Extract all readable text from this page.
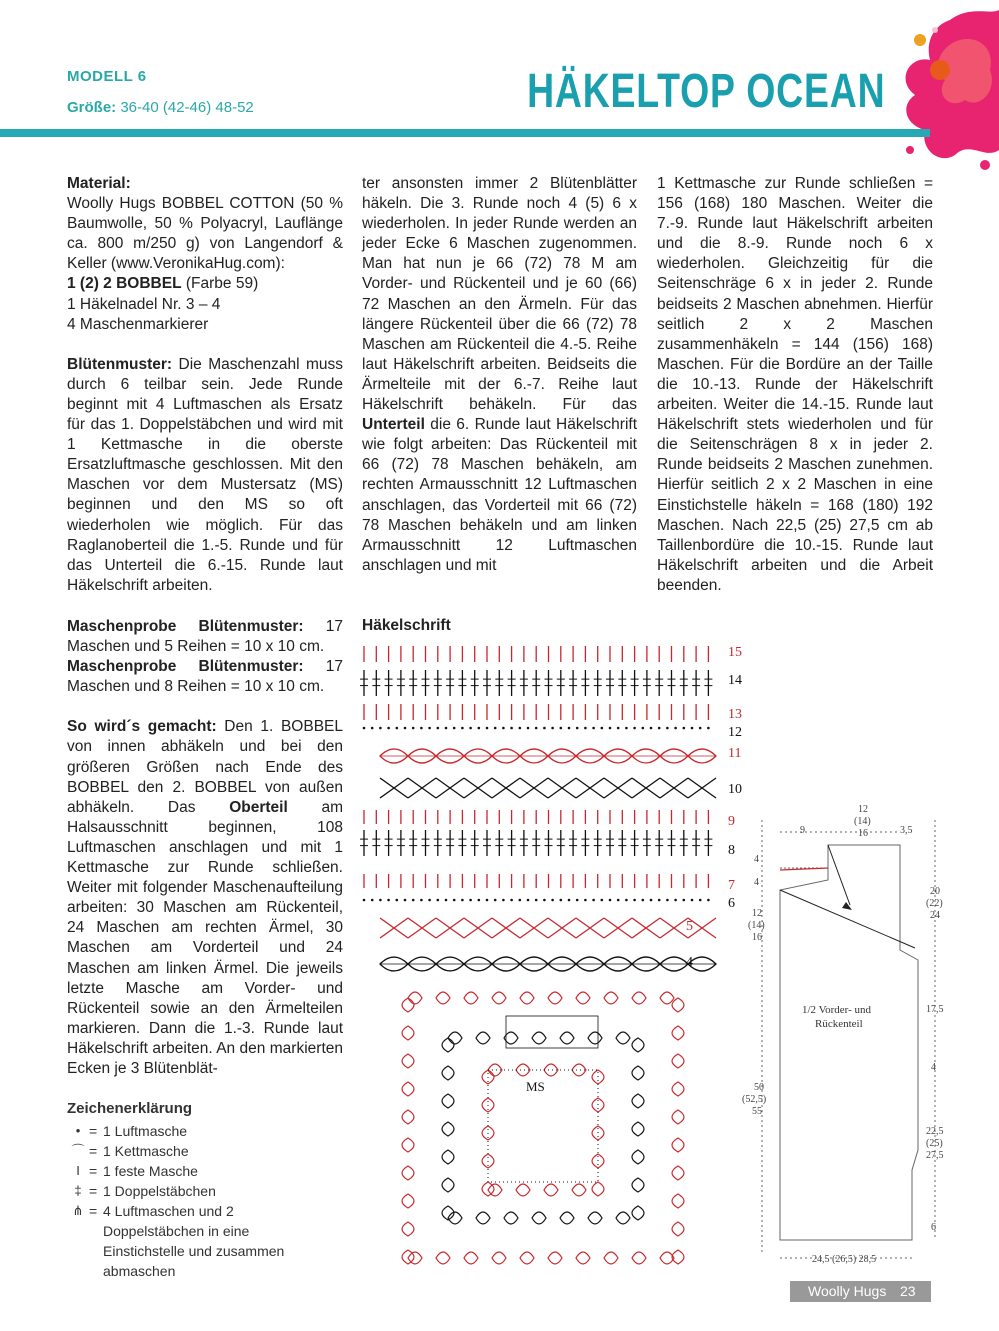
MODELL 6
Größe: 36-40 (42-46) 48-52	HÄKELTOP OCEAN

Material:

Woolly Hugs BOBBEL COTTON (50 % Baumwolle, 50 % Polyacryl, Lauflänge ca. 800 m/250 g) von Langendorf & Keller (www.VeronikaHug.com):

1 (2) 2 BOBBEL (Farbe 59)

1 Häkelnadel Nr. 3 – 4

4 Maschenmarkierer

Blütenmuster: Die Maschenzahl muss durch 6 teilbar sein. Jede Runde beginnt mit 4 Luftmaschen als Ersatz für das 1. Doppelstäbchen und wird mit 1 Kettmasche in die oberste Ersatzluftmasche geschlossen. Mit den Maschen vor dem Mustersatz (MS) beginnen und den MS so oft wiederholen wie möglich. Für das Raglanoberteil die 1.-5. Runde und für das Unterteil die 6.-15. Runde laut Häkelschrift arbeiten.

Maschenprobe Blütenmuster: 17 Maschen und 5 Reihen = 10 x 10 cm.

Maschenprobe Blütenmuster: 17 Maschen und 8 Reihen = 10 x 10 cm.

So wird´s gemacht: Den 1. BOBBEL von innen abhäkeln und bei den größeren Größen nach Ende des BOBBEL den 2. BOBBEL von außen abhäkeln. Das Oberteil am Halsausschnitt beginnen, 108 Luftmaschen anschlagen und mit 1 Kettmasche zur Runde schließen. Weiter mit folgender Maschenaufteilung arbeiten: 30 Maschen am Rückenteil, 24 Maschen am rechten Ärmel, 30 Maschen am Vorderteil und 24 Maschen am linken Ärmel. Die jeweils letzte Masche am Vorder- und Rückenteil sowie an den Ärmelteilen markieren. Dann die 1.-3. Runde laut Häkelschrift arbeiten. An den markierten Ecken je 3 Blütenblät-

ter ansonsten immer 2 Blütenblätter häkeln. Die 3. Runde noch 4 (5) 6 x wiederholen. In jeder Runde werden an jeder Ecke 6 Maschen zugenommen. Man hat nun je 66 (72) 78 M am Vorder- und Rückenteil und je 60 (66) 72 Maschen an den Ärmeln. Für das längere Rückenteil über die 66 (72) 78 Maschen am Rückenteil die 4.-5. Reihe laut Häkelschrift arbeiten. Beidseits die Ärmelteile mit der 6.-7. Reihe laut Häkelschrift behäkeln. Für das Unterteil die 6. Runde laut Häkelschrift wie folgt arbeiten: Das Rückenteil mit 66 (72) 78 Maschen behäkeln, am rechten Armausschnitt 12 Luftmaschen anschlagen, das Vorderteil mit 66 (72) 78 Maschen behäkeln und am linken Armausschnitt 12 Luftmaschen anschlagen und mit

1 Kettmasche zur Runde schließen = 156 (168) 180 Maschen. Weiter die 7.-9. Runde laut Häkelschrift arbeiten und die 8.-9. Runde noch 6 x wiederholen. Gleichzeitig für die Seitenschräge 6 x in jeder 2. Runde beidseits 2 Maschen abnehmen. Hierfür seitlich 2 x 2 Maschen zusammenhäkeln = 144 (156) 168) Maschen. Für die Bordüre an der Taille die 10.-13. Runde der Häkelschrift arbeiten. Weiter die 14.-15. Runde laut Häkelschrift stets wiederholen und für die Seitenschrägen 8 x in jeder 2. Runde beidseits 2 Maschen zunehmen. Hierfür seitlich 2 x 2 Maschen in eine Einstichstelle häkeln = 168 (180) 192 Maschen. Nach 22,5 (25) 27,5 cm ab Taillenbordüre die 10.-15. Runde laut Häkelschrift arbeiten und die Arbeit beenden.

Zeichenerklärung
• = 1 Luftmasche
⌒ = 1 Kettmasche
I = 1 feste Masche
‡ = 1 Doppelstäbchen
⋔ = 4 Luftmaschen und 2 Doppelstäbchen in eine Einstichstelle und zusammen abmaschen
Häkelschrift
15
14
13
12
11
10
9
8
7
6
5
4
MS
12
(14)
16
9	3,5
4
4
12
(14)
16
20
(22)
24
1/2 Vorder- und
Rückenteil
17,5
4
50
(52,5)
55
22,5
(25)
27,5
6
24,5 (26,5) 28,5
Woolly Hugs 23
